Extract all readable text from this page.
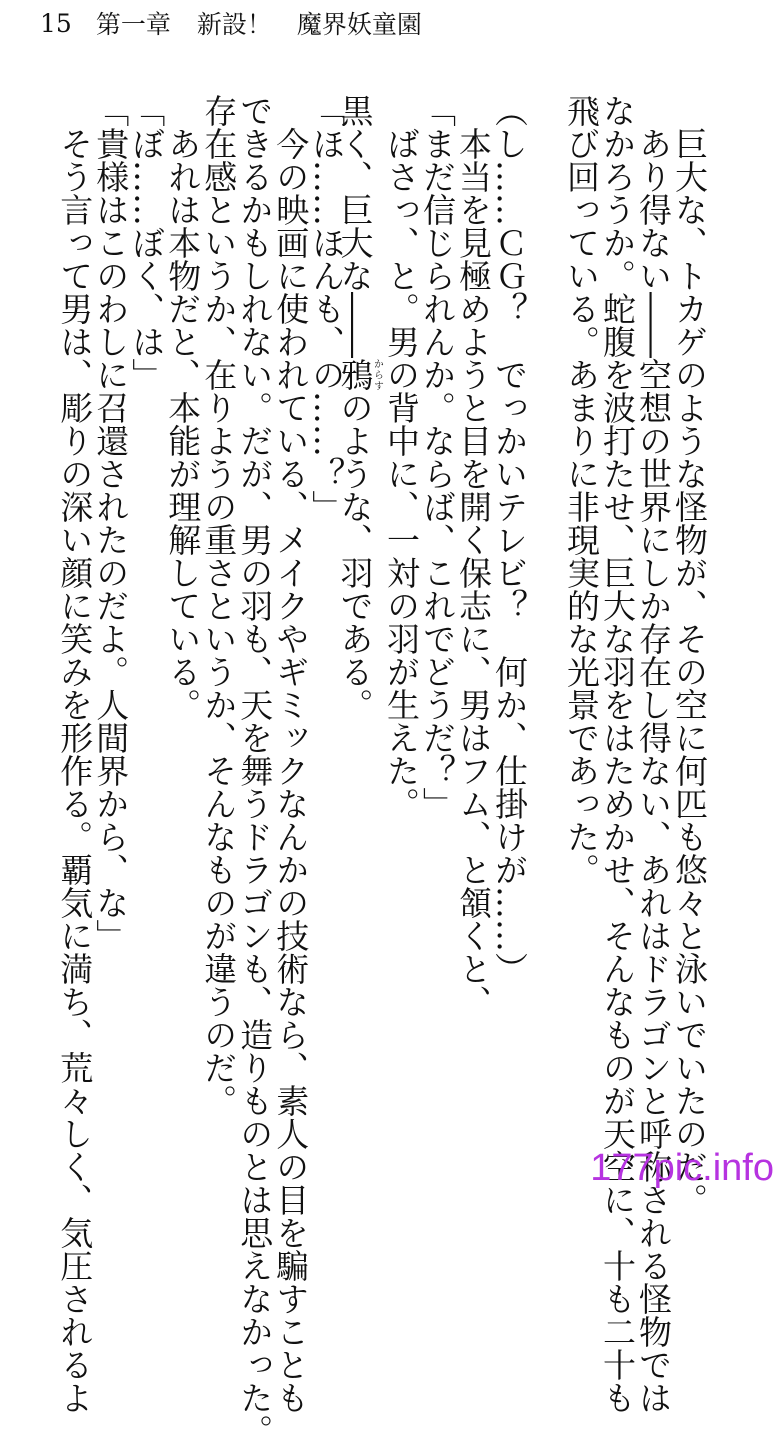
15 第一章 新設！　魔界妖童園
巨大な、トカゲのような怪物が、その空に何匹も悠々と泳いでいたのだ。
あり得ない――空想の世界にしか存在し得ない、あれはドラゴンと呼称される怪物では
なかろうか。蛇腹を波打たせ、巨大な羽をはためかせ、そんなものが天空に、十も二十も
飛び回っている。あまりに非現実的な光景であった。
（し……ＣＧ？　でっかいテレビ？　何か、仕掛けが……）
本当を見極めようと目を開く保志に、男はフム、と頷くと、
「まだ信じられんか。ならば、これでどうだ？」
ばさっ、と。男の背中に、一対の羽が生えた。
黒く、巨大な――鴉からすのような、羽である。
「ほ……ほんも、の……？」
今の映画に使われている、メイクやギミックなんかの技術なら、素人の目を騙すことも
できるかもしれない。だが、男の羽も、天を舞うドラゴンも、造りものとは思えなかった。
存在感というか、在りようの重さというか、そんなものが違うのだ。
あれは本物だと、本能が理解している。
「ぼ……ぼく、は」
「貴様はこのわしに召還されたのだよ。人間界から、な」
そう言って男は、彫りの深い顔に笑みを形作る。覇気に満ち、荒々しく、気圧されるよ	177pic.info
